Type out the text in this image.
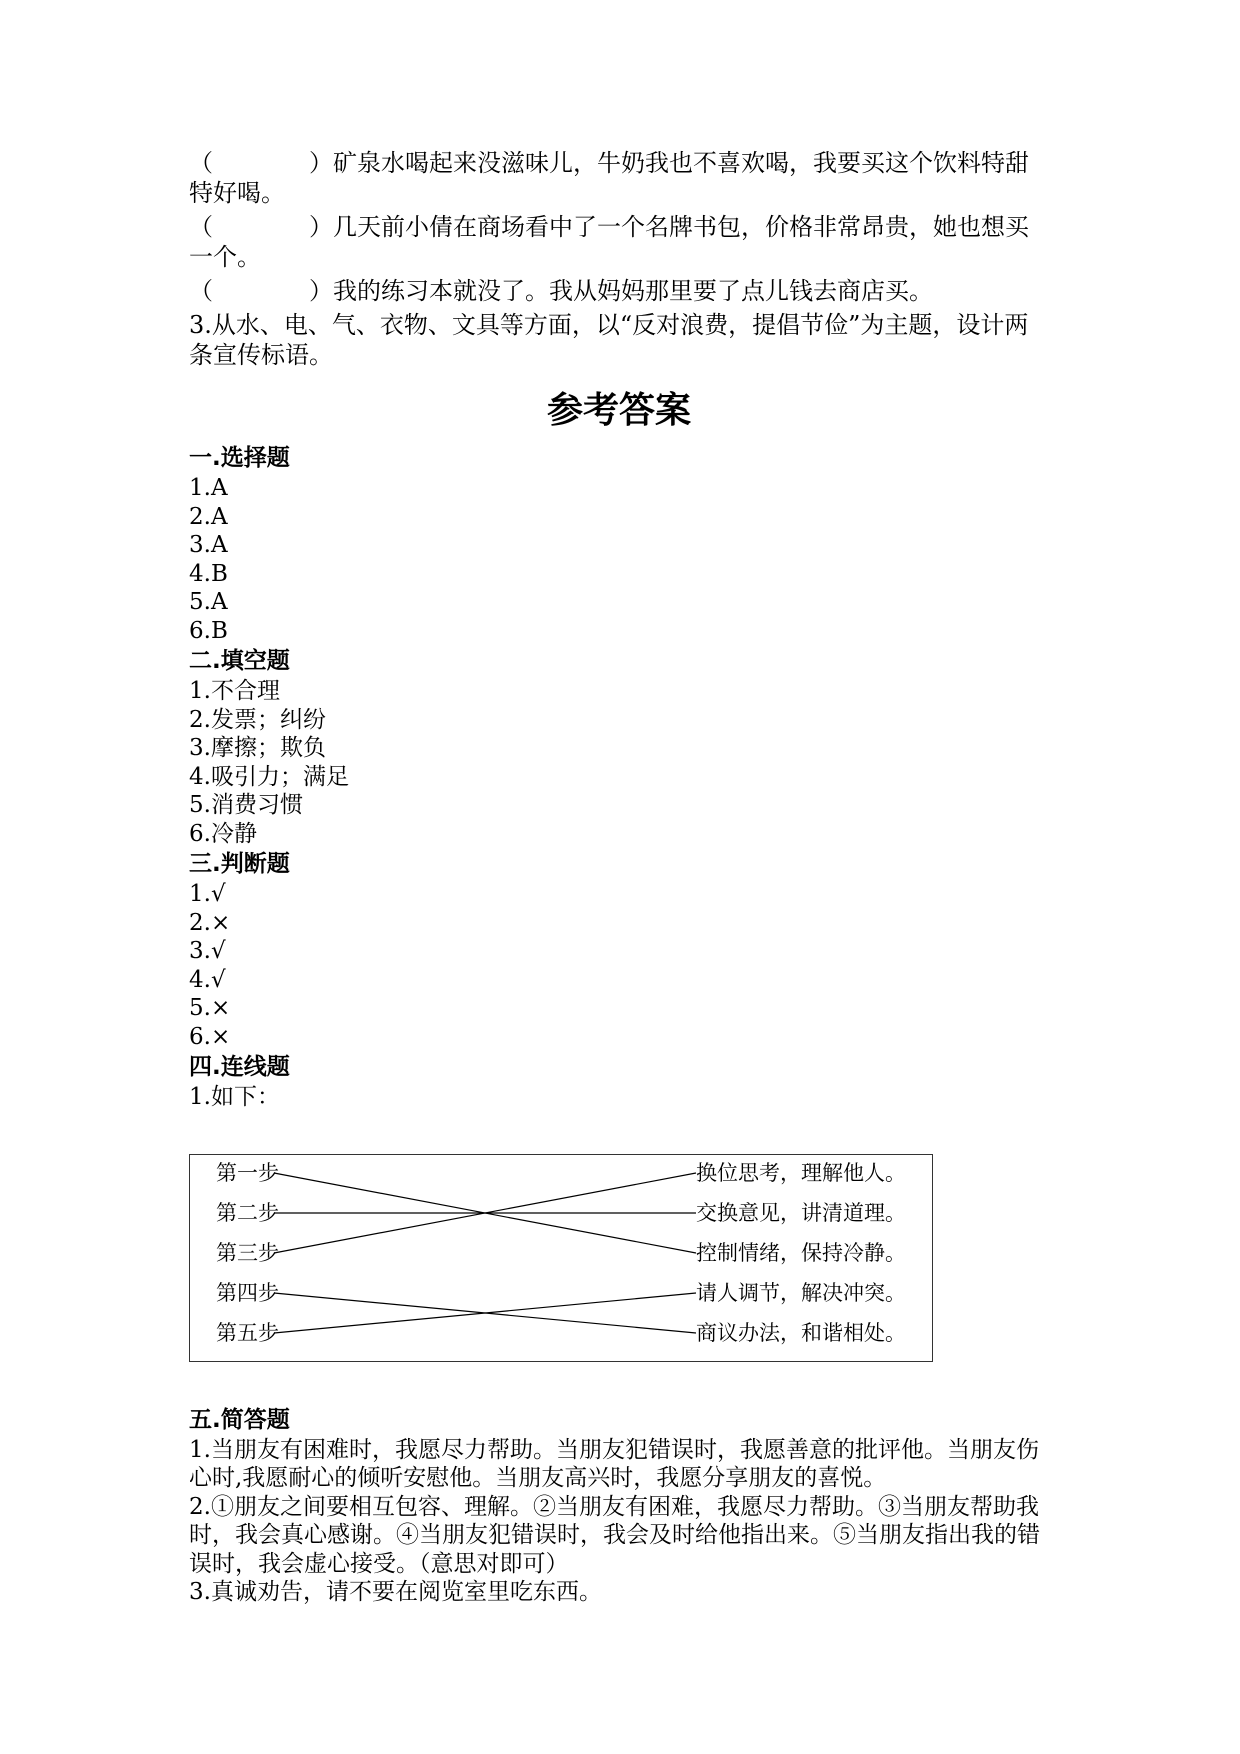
（　　　　）矿泉水喝起来没滋味儿，牛奶我也不喜欢喝，我要买这个饮料特甜特好喝。

（　　　　）几天前小倩在商场看中了一个名牌书包，价格非常昂贵，她也想买一个。

（　　　　）我的练习本就没了。我从妈妈那里要了点儿钱去商店买。

3.从水、电、气、衣物、文具等方面，以“反对浪费，提倡节俭”为主题，设计两条宣传标语。

参考答案
一.选择题
1.A
2.A
3.A
4.B
5.A
6.B
二.填空题
1.不合理
2.发票；纠纷
3.摩擦；欺负
4.吸引力；满足
5.消费习惯
6.冷静
三.判断题
1.√
2.×
3.√
4.√
5.×
6.×
四.连线题
1.如下：
第一步
第二步
第三步
第四步
第五步
换位思考，理解他人。
交换意见，讲清道理。
控制情绪，保持冷静。
请人调节，解决冲突。
商议办法，和谐相处。
五.简答题
1.当朋友有困难时，我愿尽力帮助。当朋友犯错误时，我愿善意的批评他。当朋友伤心时,我愿耐心的倾听安慰他。当朋友高兴时，我愿分享朋友的喜悦。
2.①朋友之间要相互包容、理解。②当朋友有困难，我愿尽力帮助。③当朋友帮助我时，我会真心感谢。④当朋友犯错误时，我会及时给他指出来。⑤当朋友指出我的错误时，我会虚心接受。（意思对即可）
3.真诚劝告，请不要在阅览室里吃东西。
